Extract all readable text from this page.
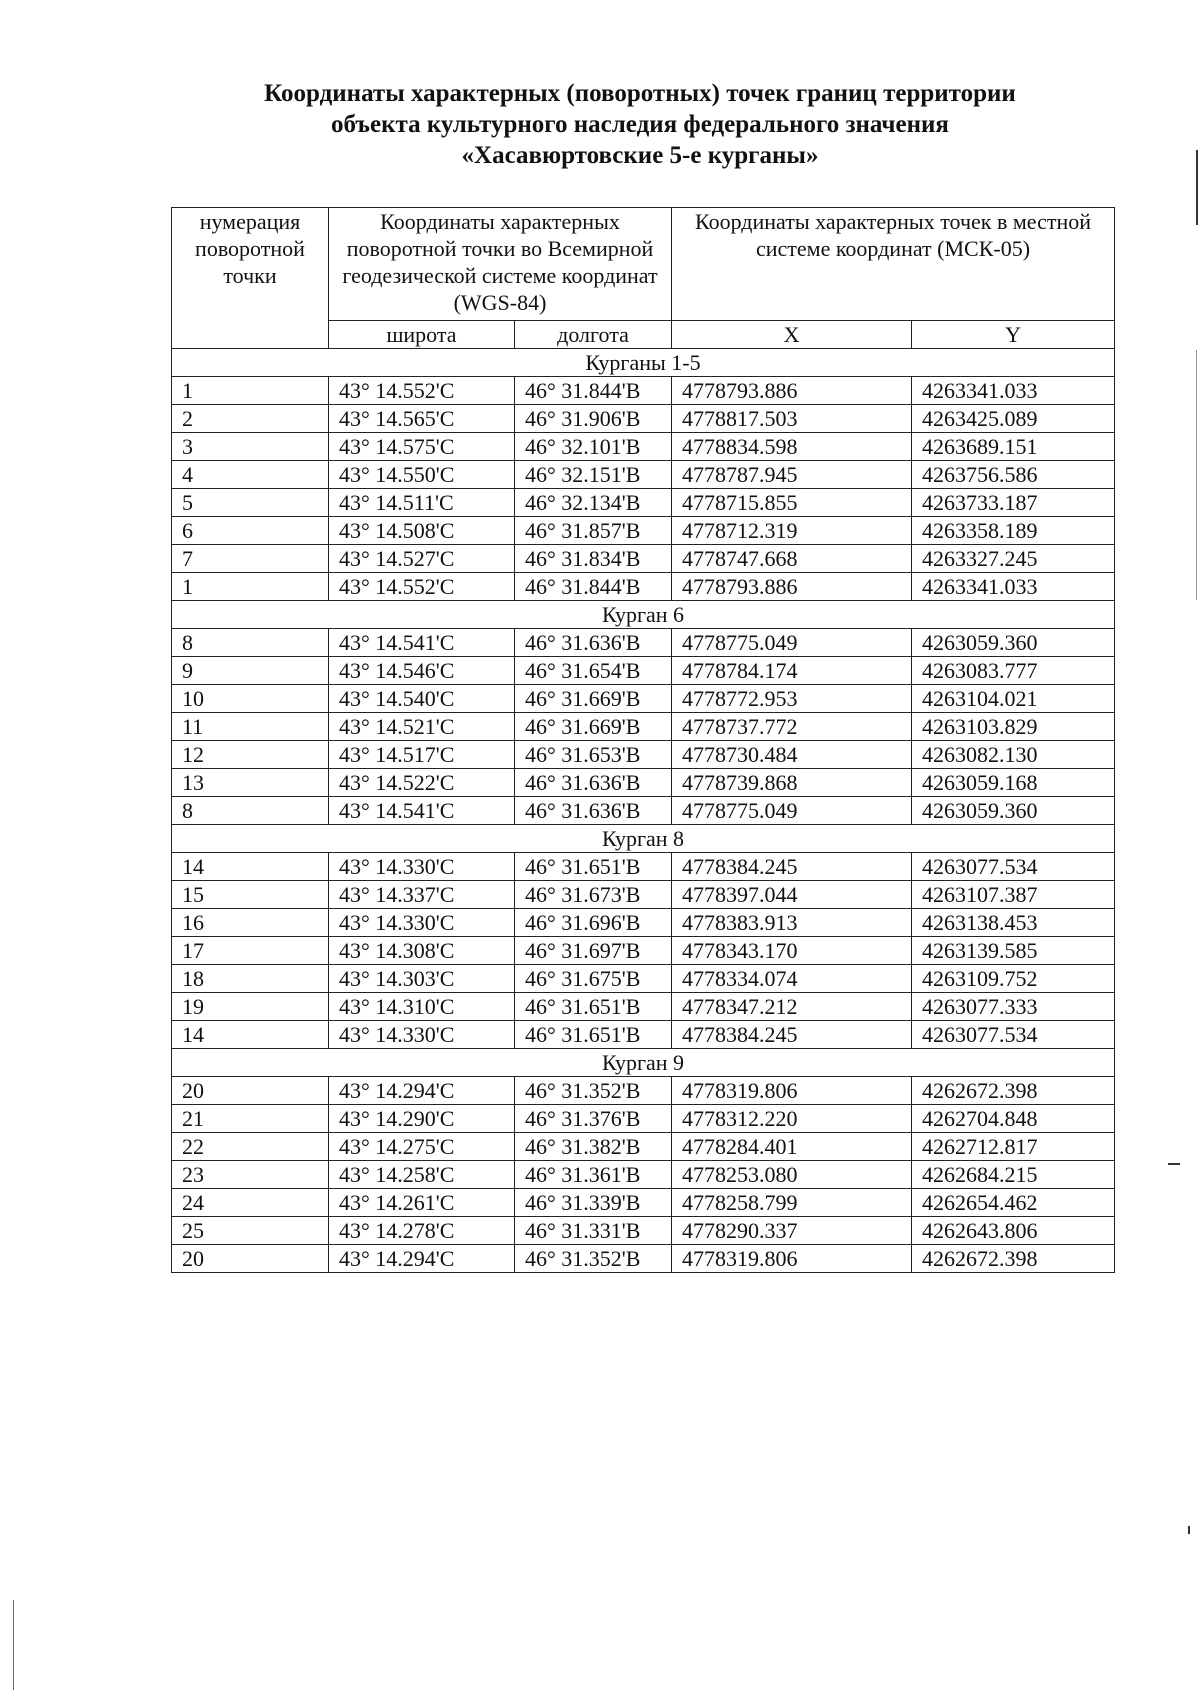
Координаты характерных (поворотных) точек границ территории
объекта культурного наследия федерального значения
«Хасавюртовские 5-е курганы»
нумерация поворотной точки	Координаты характерных поворотной точки во Всемирной геодезической системе координат (WGS-84)		Координаты характерных точек в местной системе координат (МСК-05)	
	широта	долгота	X	Y
Курганы 1-5				
1	43° 14.552'С	46° 31.844'В	4778793.886	4263341.033
2	43° 14.565'С	46° 31.906'В	4778817.503	4263425.089
3	43° 14.575'С	46° 32.101'В	4778834.598	4263689.151
4	43° 14.550'С	46° 32.151'В	4778787.945	4263756.586
5	43° 14.511'С	46° 32.134'В	4778715.855	4263733.187
6	43° 14.508'С	46° 31.857'В	4778712.319	4263358.189
7	43° 14.527'С	46° 31.834'В	4778747.668	4263327.245
1	43° 14.552'С	46° 31.844'В	4778793.886	4263341.033
Курган 6				
8	43° 14.541'С	46° 31.636'В	4778775.049	4263059.360
9	43° 14.546'С	46° 31.654'В	4778784.174	4263083.777
10	43° 14.540'С	46° 31.669'В	4778772.953	4263104.021
11	43° 14.521'С	46° 31.669'В	4778737.772	4263103.829
12	43° 14.517'С	46° 31.653'В	4778730.484	4263082.130
13	43° 14.522'С	46° 31.636'В	4778739.868	4263059.168
8	43° 14.541'С	46° 31.636'В	4778775.049	4263059.360
Курган 8				
14	43° 14.330'С	46° 31.651'В	4778384.245	4263077.534
15	43° 14.337'С	46° 31.673'В	4778397.044	4263107.387
16	43° 14.330'С	46° 31.696'В	4778383.913	4263138.453
17	43° 14.308'С	46° 31.697'В	4778343.170	4263139.585
18	43° 14.303'С	46° 31.675'В	4778334.074	4263109.752
19	43° 14.310'С	46° 31.651'В	4778347.212	4263077.333
14	43° 14.330'С	46° 31.651'В	4778384.245	4263077.534
Курган 9				
20	43° 14.294'С	46° 31.352'В	4778319.806	4262672.398
21	43° 14.290'С	46° 31.376'В	4778312.220	4262704.848
22	43° 14.275'С	46° 31.382'В	4778284.401	4262712.817
23	43° 14.258'С	46° 31.361'В	4778253.080	4262684.215
24	43° 14.261'С	46° 31.339'В	4778258.799	4262654.462
25	43° 14.278'С	46° 31.331'В	4778290.337	4262643.806
20	43° 14.294'С	46° 31.352'В	4778319.806	4262672.398
